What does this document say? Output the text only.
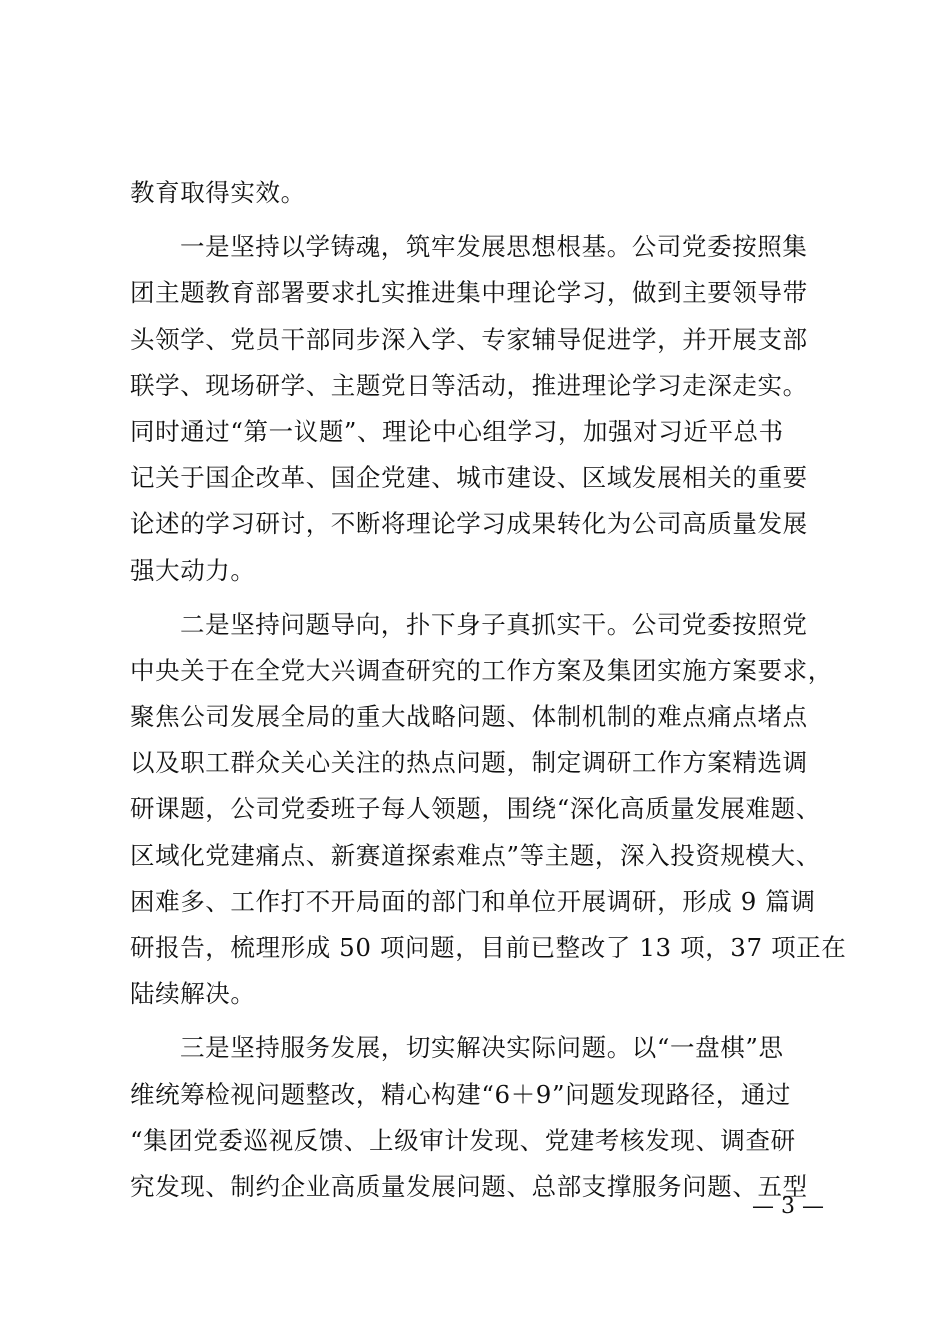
教育取得实效。
一是坚持以学铸魂，筑牢发展思想根基。公司党委按照集
团主题教育部署要求扎实推进集中理论学习，做到主要领导带
头领学、党员干部同步深入学、专家辅导促进学，并开展支部
联学、现场研学、主题党日等活动，推进理论学习走深走实。
同时通过“第一议题”、理论中心组学习，加强对习近平总书
记关于国企改革、国企党建、城市建设、区域发展相关的重要
论述的学习研讨，不断将理论学习成果转化为公司高质量发展
强大动力。
二是坚持问题导向，扑下身子真抓实干。公司党委按照党
中央关于在全党大兴调查研究的工作方案及集团实施方案要求，
聚焦公司发展全局的重大战略问题、体制机制的难点痛点堵点
以及职工群众关心关注的热点问题，制定调研工作方案精选调
研课题，公司党委班子每人领题，围绕“深化高质量发展难题、
区域化党建痛点、新赛道探索难点”等主题，深入投资规模大、
困难多、工作打不开局面的部门和单位开展调研，形成 9 篇调
研报告，梳理形成 50 项问题，目前已整改了 13 项，37 项正在
陆续解决。
三是坚持服务发展，切实解决实际问题。以“一盘棋”思
维统筹检视问题整改，精心构建“6＋9”问题发现路径，通过
“集团党委巡视反馈、上级审计发现、党建考核发现、调查研
究发现、制约企业高质量发展问题、总部支撑服务问题、五型
— 3 —
